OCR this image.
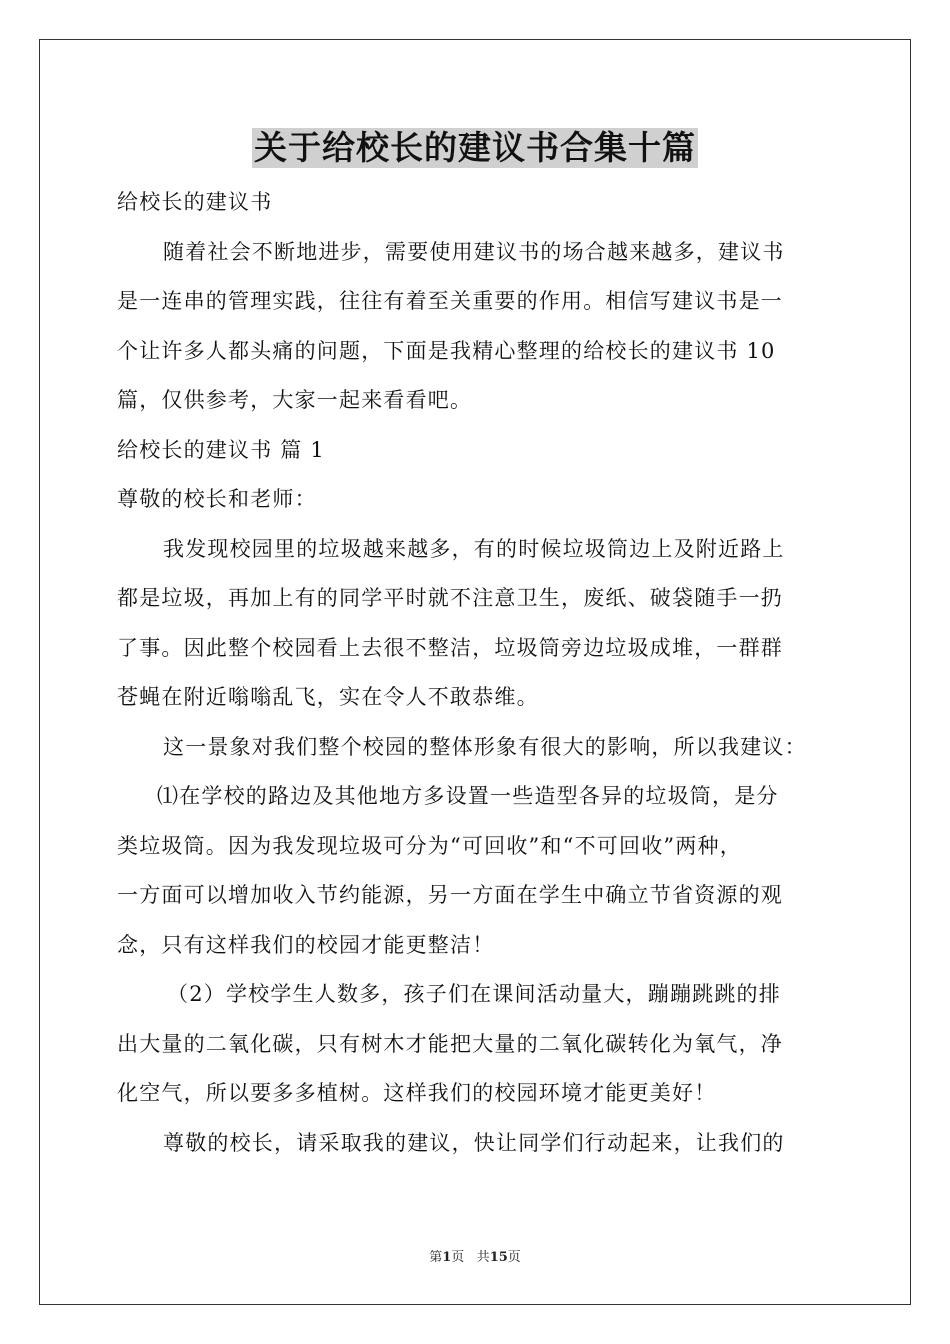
关于给校长的建议书合集十篇
给校长的建议书
随着社会不断地进步，需要使用建议书的场合越来越多，建议书
是一连串的管理实践，往往有着至关重要的作用。相信写建议书是一
个让许多人都头痛的问题，下面是我精心整理的给校长的建议书 10
篇，仅供参考，大家一起来看看吧。
给校长的建议书 篇 1
尊敬的校长和老师：
我发现校园里的垃圾越来越多，有的时候垃圾筒边上及附近路上
都是垃圾，再加上有的同学平时就不注意卫生，废纸、破袋随手一扔
了事。因此整个校园看上去很不整洁，垃圾筒旁边垃圾成堆，一群群
苍蝇在附近嗡嗡乱飞，实在令人不敢恭维。
这一景象对我们整个校园的整体形象有很大的影响，所以我建议：
⑴在学校的路边及其他地方多设置一些造型各异的垃圾筒，是分
类垃圾筒。因为我发现垃圾可分为“可回收”和“不可回收”两种，
一方面可以增加收入节约能源，另一方面在学生中确立节省资源的观
念，只有这样我们的校园才能更整洁！
（2）学校学生人数多，孩子们在课间活动量大，蹦蹦跳跳的排
出大量的二氧化碳，只有树木才能把大量的二氧化碳转化为氧气，净
化空气，所以要多多植树。这样我们的校园环境才能更美好！
尊敬的校长，请采取我的建议，快让同学们行动起来，让我们的
第1页 共15页
